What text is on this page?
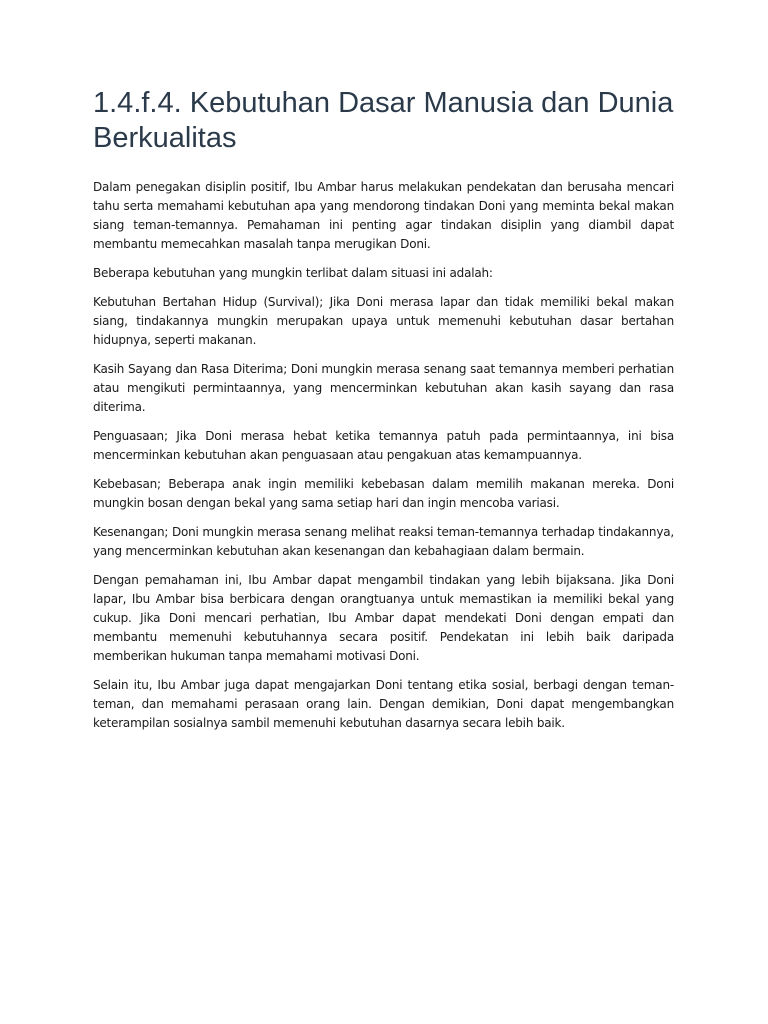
1.4.f.4. Kebutuhan Dasar Manusia dan Dunia Berkualitas

Dalam penegakan disiplin positif, Ibu Ambar harus melakukan pendekatan dan berusaha mencari tahu serta memahami kebutuhan apa yang mendorong tindakan Doni yang meminta bekal makan siang teman-temannya. Pemahaman ini penting agar tindakan disiplin yang diambil dapat membantu memecahkan masalah tanpa merugikan Doni.

Beberapa kebutuhan yang mungkin terlibat dalam situasi ini adalah:

Kebutuhan Bertahan Hidup (Survival); Jika Doni merasa lapar dan tidak memiliki bekal makan siang, tindakannya mungkin merupakan upaya untuk memenuhi kebutuhan dasar bertahan hidupnya, seperti makanan.

Kasih Sayang dan Rasa Diterima; Doni mungkin merasa senang saat temannya memberi perhatian atau mengikuti permintaannya, yang mencerminkan kebutuhan akan kasih sayang dan rasa diterima.

Penguasaan; Jika Doni merasa hebat ketika temannya patuh pada permintaannya, ini bisa mencerminkan kebutuhan akan penguasaan atau pengakuan atas kemampuannya.

Kebebasan; Beberapa anak ingin memiliki kebebasan dalam memilih makanan mereka. Doni mungkin bosan dengan bekal yang sama setiap hari dan ingin mencoba variasi.

Kesenangan; Doni mungkin merasa senang melihat reaksi teman-temannya terhadap tindakannya, yang mencerminkan kebutuhan akan kesenangan dan kebahagiaan dalam bermain.

Dengan pemahaman ini, Ibu Ambar dapat mengambil tindakan yang lebih bijaksana. Jika Doni lapar, Ibu Ambar bisa berbicara dengan orangtuanya untuk memastikan ia memiliki bekal yang cukup. Jika Doni mencari perhatian, Ibu Ambar dapat mendekati Doni dengan empati dan membantu memenuhi kebutuhannya secara positif. Pendekatan ini lebih baik daripada memberikan hukuman tanpa memahami motivasi Doni.

Selain itu, Ibu Ambar juga dapat mengajarkan Doni tentang etika sosial, berbagi dengan teman-teman, dan memahami perasaan orang lain. Dengan demikian, Doni dapat mengembangkan keterampilan sosialnya sambil memenuhi kebutuhan dasarnya secara lebih baik.
